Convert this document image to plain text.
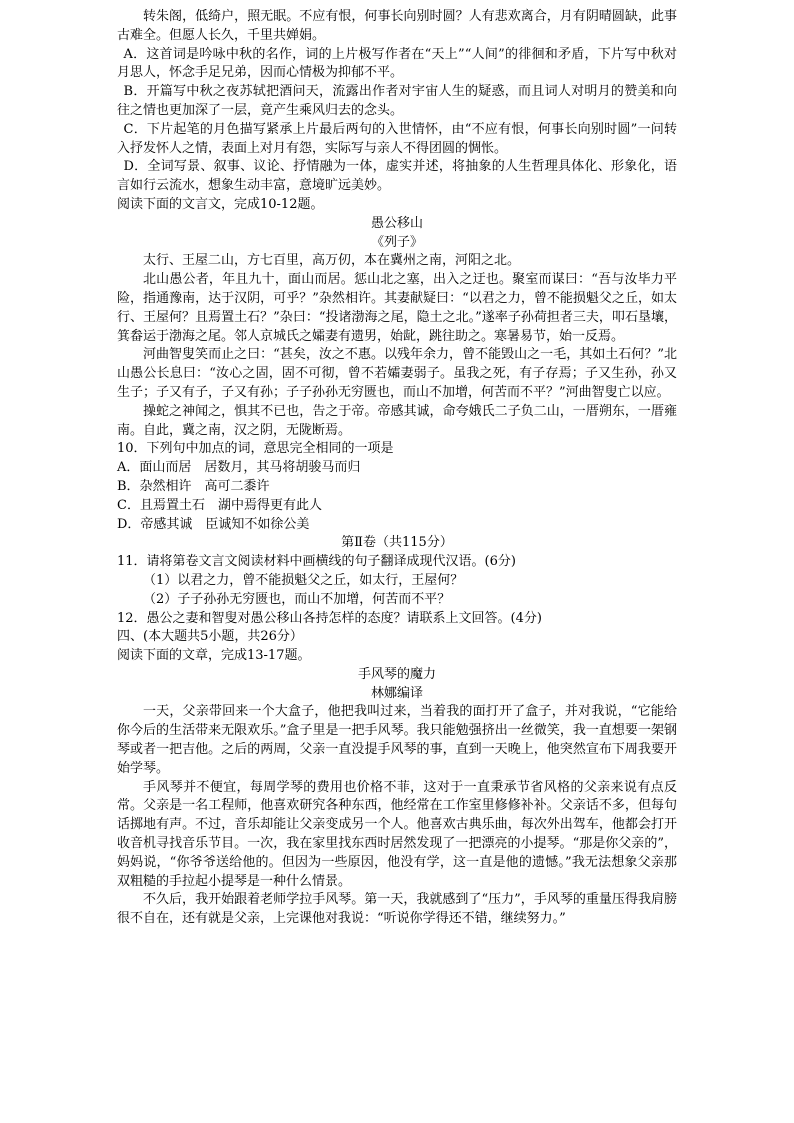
转朱阁，低绮户，照无眠。不应有恨，何事长向别时圆？人有悲欢离合，月有阴晴圆缺，此事古难全。但愿人长久，千里共婵娟。

A．这首词是吟咏中秋的名作，词的上片极写作者在“天上”“人间”的徘徊和矛盾，下片写中秋对月思人，怀念手足兄弟，因而心情极为抑郁不平。

B．开篇写中秋之夜苏轼把酒问天，流露出作者对宇宙人生的疑惑，而且词人对明月的赞美和向往之情也更加深了一层，竟产生乘风归去的念头。

C．下片起笔的月色描写紧承上片最后两句的入世情怀，由“不应有恨，何事长向别时圆”一问转入抒发怀人之情，表面上对月有怨，实际写与亲人不得团圆的惆怅。

D．全词写景、叙事、议论、抒情融为一体，虚实并述，将抽象的人生哲理具体化、形象化，语言如行云流水，想象生动丰富，意境旷远美妙。

阅读下面的文言文，完成10-12题。

愚公移山

《列子》

太行、王屋二山，方七百里，高万仞，本在冀州之南，河阳之北。

北山愚公者，年且九十，面山而居。惩山北之塞，出入之迂也。聚室而谋曰：“吾与汝毕力平险，指通豫南，达于汉阴，可乎？”杂然相许。其妻献疑曰：“以君之力，曾不能损魁父之丘，如太行、王屋何？且焉置土石？”杂曰：“投诸渤海之尾，隐土之北。”遂率子孙荷担者三夫，叩石垦壤，箕畚运于渤海之尾。邻人京城氏之孀妻有遗男，始龀，跳往助之。寒暑易节，始一反焉。

河曲智叟笑而止之曰：“甚矣，汝之不惠。以残年余力，曾不能毁山之一毛，其如土石何？”北山愚公长息曰：“汝心之固，固不可彻，曾不若孀妻弱子。虽我之死，有子存焉；子又生孙，孙又生子；子又有子，子又有孙；子子孙孙无穷匮也，而山不加增，何苦而不平？”河曲智叟亡以应。

操蛇之神闻之，惧其不已也，告之于帝。帝感其诚，命夸娥氏二子负二山，一厝朔东，一厝雍南。自此，冀之南，汉之阴，无陇断焉。

10．下列句中加点的词，意思完全相同的一项是

A．面山而居　居数月，其马将胡骏马而归

B．杂然相许　高可二黍许

C．且焉置土石　湖中焉得更有此人

D．帝感其诚　臣诚知不如徐公美

第Ⅱ卷（共115分）

11．请将第卷文言文阅读材料中画横线的句子翻译成现代汉语。(6分)

（1）以君之力，曾不能损魁父之丘，如太行，王屋何？

（2）子子孙孙无穷匮也，而山不加增，何苦而不平？

12．愚公之妻和智叟对愚公移山各持怎样的态度？请联系上文回答。(4分)

四、(本大题共5小题，共26分）

阅读下面的文章，完成13-17题。

手风琴的魔力

林娜编译

一天，父亲带回来一个大盒子，他把我叫过来，当着我的面打开了盒子，并对我说，“它能给你今后的生活带来无限欢乐。”盒子里是一把手风琴。我只能勉强挤出一丝微笑，我一直想要一架钢琴或者一把吉他。之后的两周，父亲一直没提手风琴的事，直到一天晚上，他突然宣布下周我要开始学琴。

手风琴并不便宜，每周学琴的费用也价格不菲，这对于一直秉承节省风格的父亲来说有点反常。父亲是一名工程师，他喜欢研究各种东西，他经常在工作室里修修补补。父亲话不多，但每句话掷地有声。不过，音乐却能让父亲变成另一个人。他喜欢古典乐曲，每次外出驾车，他都会打开收音机寻找音乐节目。一次，我在家里找东西时居然发现了一把漂亮的小提琴。“那是你父亲的”，妈妈说，“你爷爷送给他的。但因为一些原因，他没有学，这一直是他的遗憾。”我无法想象父亲那双粗糙的手拉起小提琴是一种什么情景。

不久后，我开始跟着老师学拉手风琴。第一天，我就感到了“压力”，手风琴的重量压得我肩膀很不自在，还有就是父亲，上完课他对我说：“听说你学得还不错，继续努力。”
